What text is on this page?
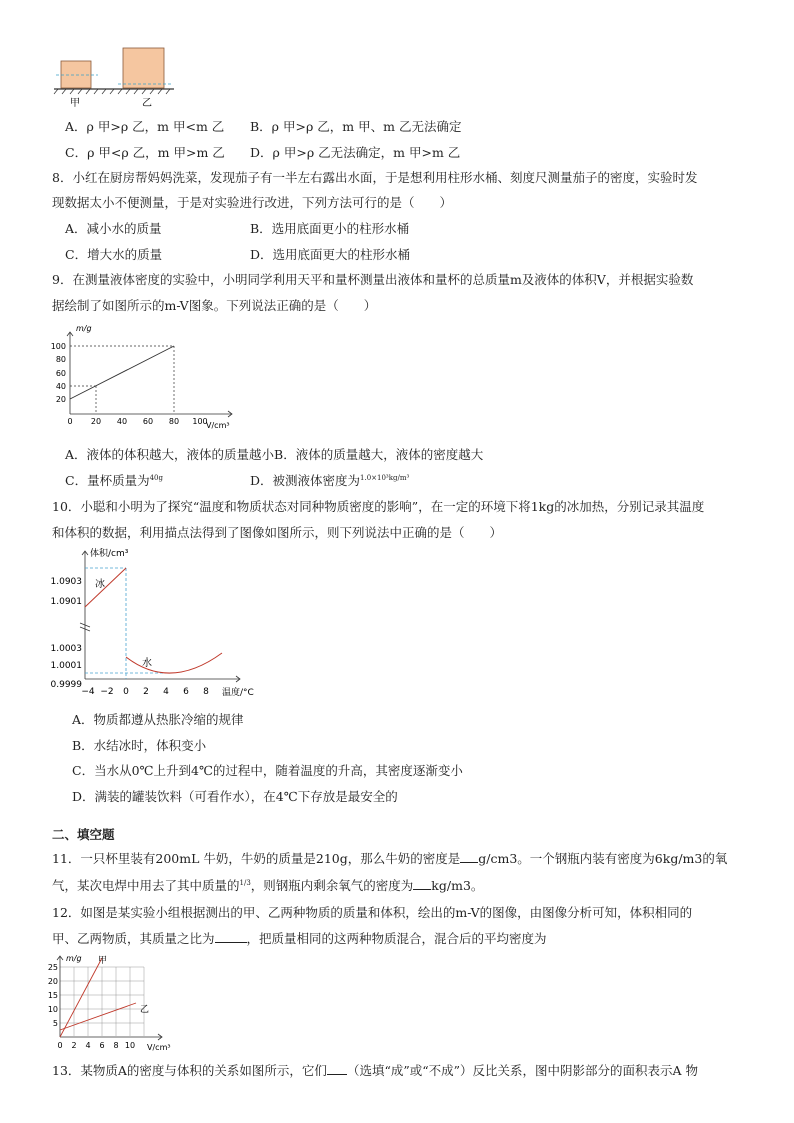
甲	乙
A．ρ 甲>ρ 乙，m 甲<m 乙 B．ρ 甲>ρ 乙，m 甲、m 乙无法确定
C．ρ 甲<ρ 乙，m 甲>m 乙 D．ρ 甲>ρ 乙无法确定，m 甲>m 乙
8．小红在厨房帮妈妈洗菜，发现茄子有一半左右露出水面，于是想利用柱形水桶、刻度尺测量茄子的密度，实验时发
现数据太小不便测量，于是对实验进行改进，下列方法可行的是（　　）
A．减小水的质量	B．选用底面更小的柱形水桶
C．增大水的质量	D．选用底面更大的柱形水桶
9．在测量液体密度的实验中，小明同学利用天平和量杯测量出液体和量杯的总质量m及液体的体积V，并根据实验数
据绘制了如图所示的m-V图象。下列说法正确的是（　　）
m/g
V/cm³
100
80
60
40
20
0 20 40 60 80 100
A．液体的体积越大，液体的质量越小B．液体的质量越大，液体的密度越大
C．量杯质量为$^{40g}$	D．被测液体密度为$^{1.0\times 10^3kg/m^3}$
10．小聪和小明为了探究“温度和物质状态对同种物质密度的影响”，在一定的环境下将1kg的冰加热，分别记录其温度
和体积的数据，利用描点法得到了图像如图所示，则下列说法中正确的是（　　）
体积/cm³
温度/°C
冰
水
1.0903
1.0901
1.0003
1.0001
0.9999
−4 −2 0 2 4 6 8
A．物质都遵从热胀冷缩的规律
B．水结冰时，体积变小
C．当水从0℃上升到4℃的过程中，随着温度的升高，其密度逐渐变小
D．满装的罐装饮料（可看作水），在4℃下存放是最安全的
二、填空题
11．一只杯里装有200mL 牛奶，牛奶的质量是210g，那么牛奶的密度是 g/cm3。一个钢瓶内装有密度为6kg/m3的氧
气，某次电焊中用去了其中质量的1/3，则钢瓶内剩余氧气的密度为 kg/m3。
12．如图是某实验小组根据测出的甲、乙两种物质的质量和体积，绘出的m-V的图像，由图像分析可知，体积相同的
甲、乙两物质，其质量之比为	，把质量相同的这两种物质混合，混合后的平均密度为
甲
乙
m/g
V/cm³
25
20
15
10
5
0 2 4 6 8 10
13．某物质A的密度与体积的关系如图所示，它们 （选填“成”或“不成”）反比关系，图中阴影部分的面积表示A 物
